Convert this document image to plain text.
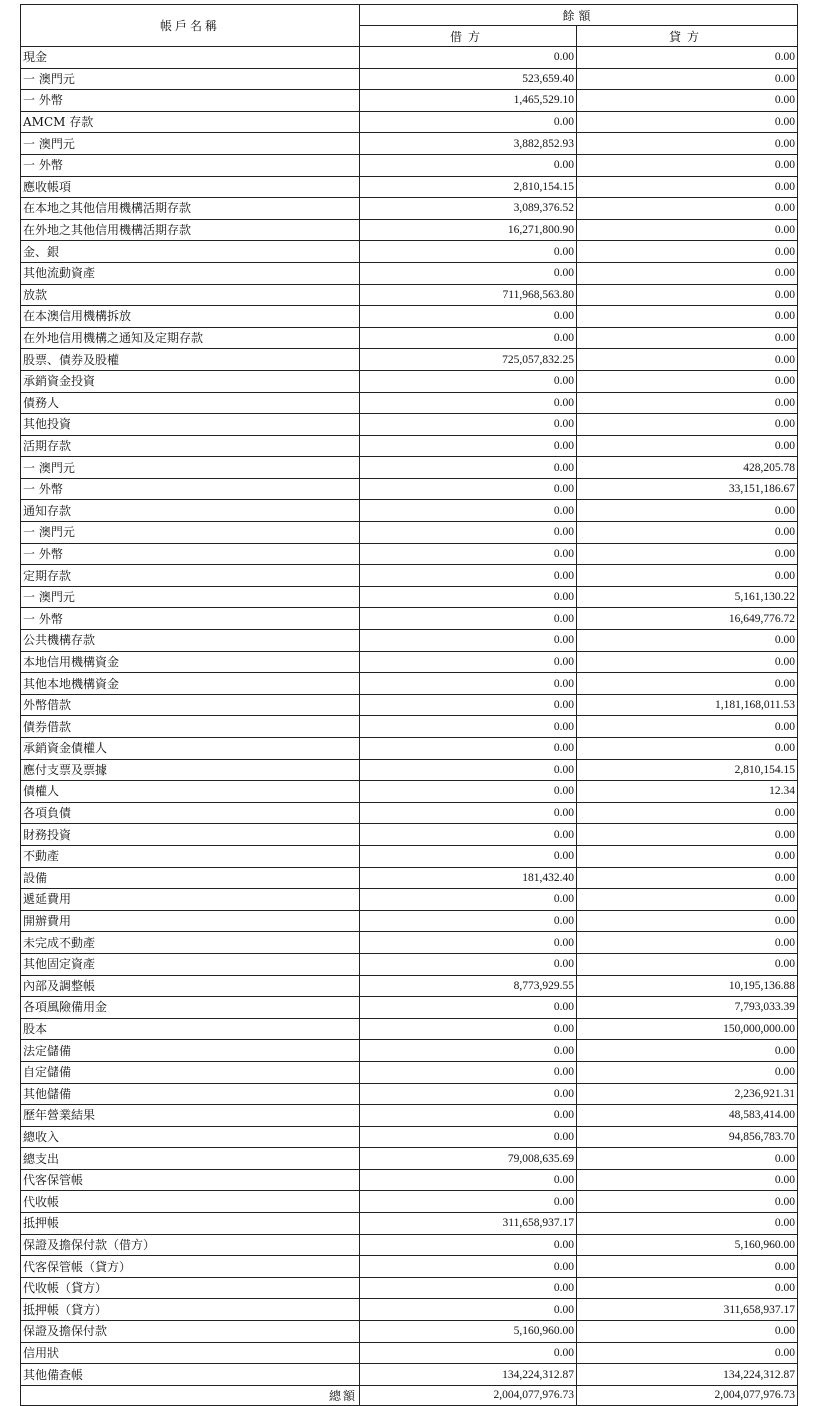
帳戶名稱	餘額	
	借方	貸方
現金	0.00	0.00
一 澳門元	523,659.40	0.00
一 外幣	1,465,529.10	0.00
AMCM 存款	0.00	0.00
一 澳門元	3,882,852.93	0.00
一 外幣	0.00	0.00
應收帳項	2,810,154.15	0.00
在本地之其他信用機構活期存款	3,089,376.52	0.00
在外地之其他信用機構活期存款	16,271,800.90	0.00
金、銀	0.00	0.00
其他流動資產	0.00	0.00
放款	711,968,563.80	0.00
在本澳信用機構拆放	0.00	0.00
在外地信用機構之通知及定期存款	0.00	0.00
股票、債券及股權	725,057,832.25	0.00
承銷資金投資	0.00	0.00
債務人	0.00	0.00
其他投資	0.00	0.00
活期存款	0.00	0.00
一 澳門元	0.00	428,205.78
一 外幣	0.00	33,151,186.67
通知存款	0.00	0.00
一 澳門元	0.00	0.00
一 外幣	0.00	0.00
定期存款	0.00	0.00
一 澳門元	0.00	5,161,130.22
一 外幣	0.00	16,649,776.72
公共機構存款	0.00	0.00
本地信用機構資金	0.00	0.00
其他本地機構資金	0.00	0.00
外幣借款	0.00	1,181,168,011.53
債券借款	0.00	0.00
承銷資金債權人	0.00	0.00
應付支票及票據	0.00	2,810,154.15
債權人	0.00	12.34
各項負債	0.00	0.00
財務投資	0.00	0.00
不動產	0.00	0.00
設備	181,432.40	0.00
遞延費用	0.00	0.00
開辦費用	0.00	0.00
未完成不動產	0.00	0.00
其他固定資產	0.00	0.00
內部及調整帳	8,773,929.55	10,195,136.88
各項風險備用金	0.00	7,793,033.39
股本	0.00	150,000,000.00
法定儲備	0.00	0.00
自定儲備	0.00	0.00
其他儲備	0.00	2,236,921.31
歷年營業結果	0.00	48,583,414.00
總收入	0.00	94,856,783.70
總支出	79,008,635.69	0.00
代客保管帳	0.00	0.00
代收帳	0.00	0.00
抵押帳	311,658,937.17	0.00
保證及擔保付款（借方）	0.00	5,160,960.00
代客保管帳（貸方）	0.00	0.00
代收帳（貸方）	0.00	0.00
抵押帳（貸方）	0.00	311,658,937.17
保證及擔保付款	5,160,960.00	0.00
信用狀	0.00	0.00
其他備查帳	134,224,312.87	134,224,312.87
總額	2,004,077,976.73	2,004,077,976.73
